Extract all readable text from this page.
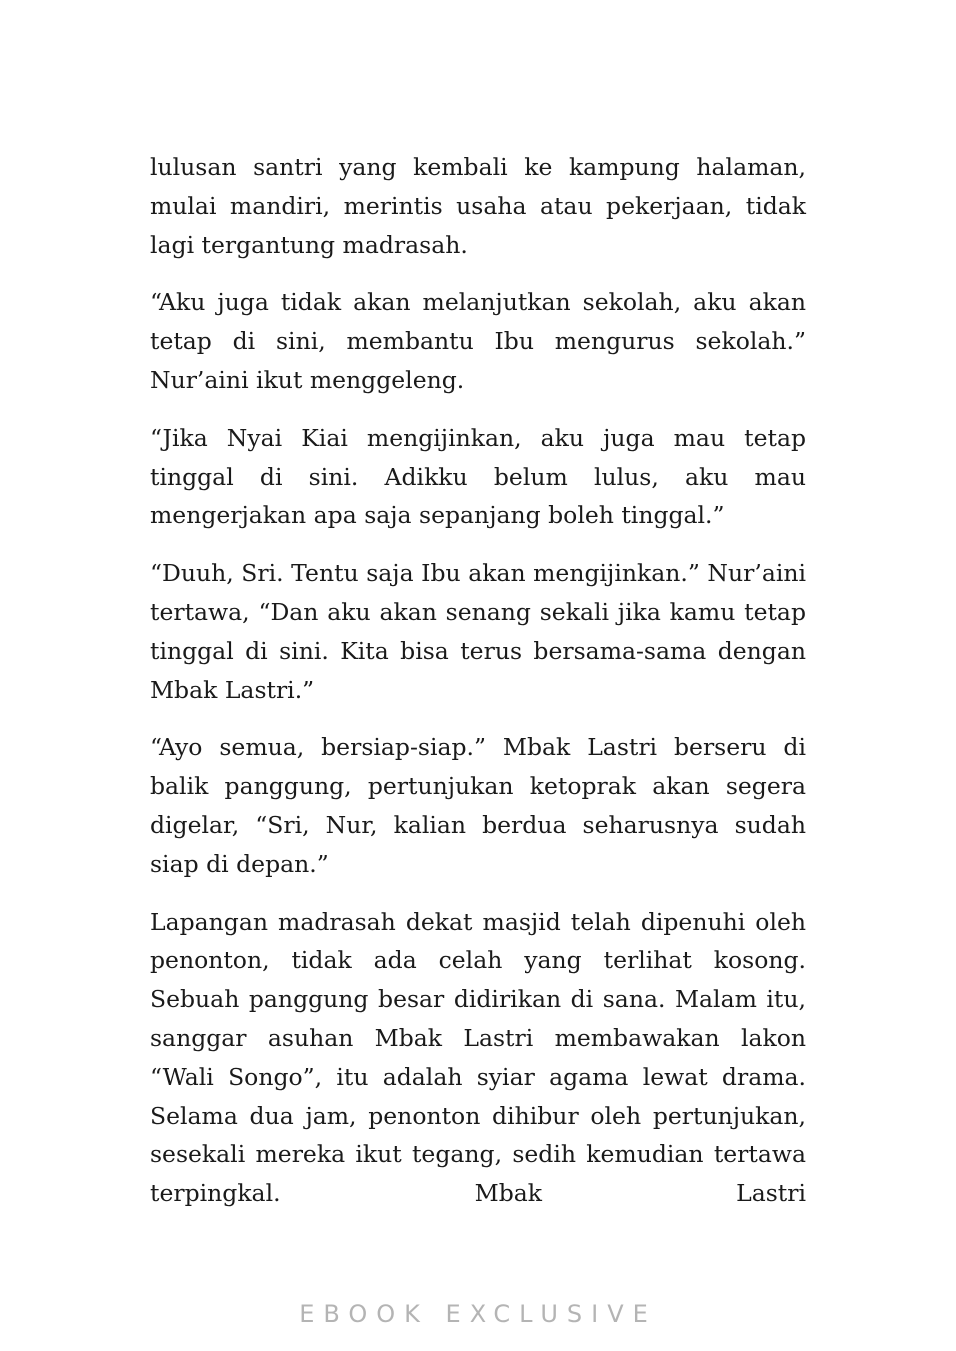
lulusan santri yang kembali ke kampung halaman, mulai mandiri, merintis usaha atau pekerjaan, tidak lagi tergantung madrasah.

“Aku juga tidak akan melanjutkan sekolah, aku akan tetap di sini, membantu Ibu mengurus sekolah.” Nur’aini ikut menggeleng.

“Jika Nyai Kiai mengijinkan, aku juga mau tetap tinggal di sini. Adikku belum lulus, aku mau mengerjakan apa saja sepanjang boleh tinggal.”

“Duuh, Sri. Tentu saja Ibu akan mengijinkan.” Nur’aini tertawa, “Dan aku akan senang sekali jika kamu tetap tinggal di sini. Kita bisa terus bersama-sama dengan Mbak Lastri.”

“Ayo semua, bersiap-siap.” Mbak Lastri berseru di balik panggung, pertunjukan ketoprak akan segera digelar, “Sri, Nur, kalian berdua seharusnya sudah siap di depan.”

Lapangan madrasah dekat masjid telah dipenuhi oleh penonton, tidak ada celah yang terlihat kosong. Sebuah panggung besar didirikan di sana. Malam itu, sanggar asuhan Mbak Lastri membawakan lakon “Wali Songo”, itu adalah syiar agama lewat drama. Selama dua jam, penonton dihibur oleh pertunjukan, sesekali mereka ikut tegang, sedih kemudian tertawa terpingkal. Mbak Lastri

EBOOK EXCLUSIVE
